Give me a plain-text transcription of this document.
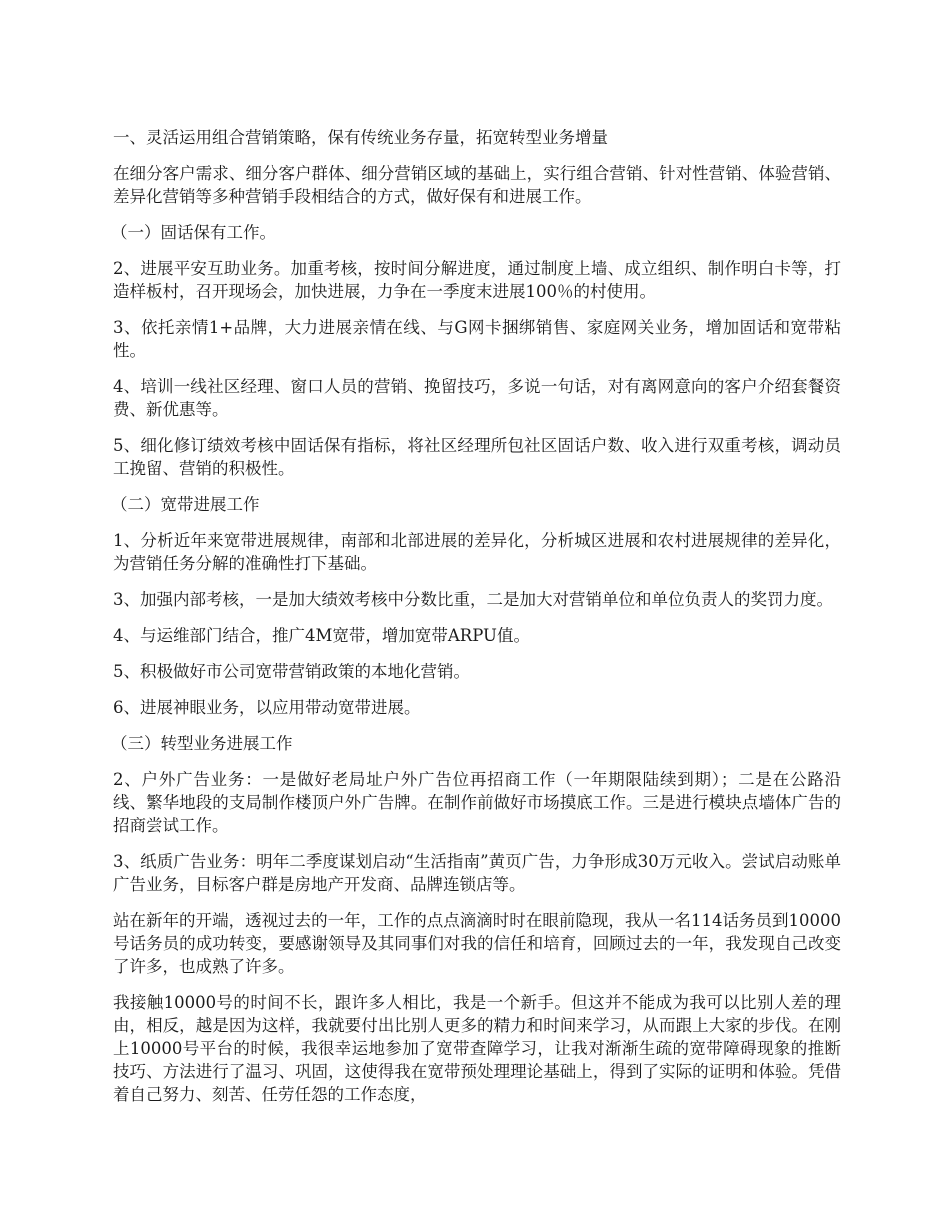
一、灵活运用组合营销策略，保有传统业务存量，拓宽转型业务增量

在细分客户需求、细分客户群体、细分营销区域的基础上，实行组合营销、针对性营销、体验营销、差异化营销等多种营销手段相结合的方式，做好保有和进展工作。

（一）固话保有工作。

2、进展平安互助业务。加重考核，按时间分解进度，通过制度上墙、成立组织、制作明白卡等，打造样板村，召开现场会，加快进展，力争在一季度末进展100％的村使用。

3、依托亲情1+品牌，大力进展亲情在线、与G网卡捆绑销售、家庭网关业务，增加固话和宽带粘性。

4、培训一线社区经理、窗口人员的营销、挽留技巧，多说一句话，对有离网意向的客户介绍套餐资费、新优惠等。

5、细化修订绩效考核中固话保有指标，将社区经理所包社区固话户数、收入进行双重考核，调动员工挽留、营销的积极性。

（二）宽带进展工作

1、分析近年来宽带进展规律，南部和北部进展的差异化，分析城区进展和农村进展规律的差异化，为营销任务分解的准确性打下基础。

3、加强内部考核，一是加大绩效考核中分数比重，二是加大对营销单位和单位负责人的奖罚力度。

4、与运维部门结合，推广4M宽带，增加宽带ARPU值。

5、积极做好市公司宽带营销政策的本地化营销。

6、进展神眼业务，以应用带动宽带进展。

（三）转型业务进展工作

2、户外广告业务：一是做好老局址户外广告位再招商工作（一年期限陆续到期）；二是在公路沿线、繁华地段的支局制作楼顶户外广告牌。在制作前做好市场摸底工作。三是进行模块点墙体广告的招商尝试工作。

3、纸质广告业务：明年二季度谋划启动“生活指南”黄页广告，力争形成30万元收入。尝试启动账单广告业务，目标客户群是房地产开发商、品牌连锁店等。

站在新年的开端，透视过去的一年，工作的点点滴滴时时在眼前隐现，我从一名114话务员到10000号话务员的成功转变，要感谢领导及其同事们对我的信任和培育，回顾过去的一年，我发现自己改变了许多，也成熟了许多。

我接触10000号的时间不长，跟许多人相比，我是一个新手。但这并不能成为我可以比别人差的理由，相反，越是因为这样，我就要付出比别人更多的精力和时间来学习，从而跟上大家的步伐。在刚上10000号平台的时候，我很幸运地参加了宽带查障学习，让我对渐渐生疏的宽带障碍现象的推断技巧、方法进行了温习、巩固，这使得我在宽带预处理理论基础上，得到了实际的证明和体验。凭借着自己努力、刻苦、任劳任怨的工作态度，
